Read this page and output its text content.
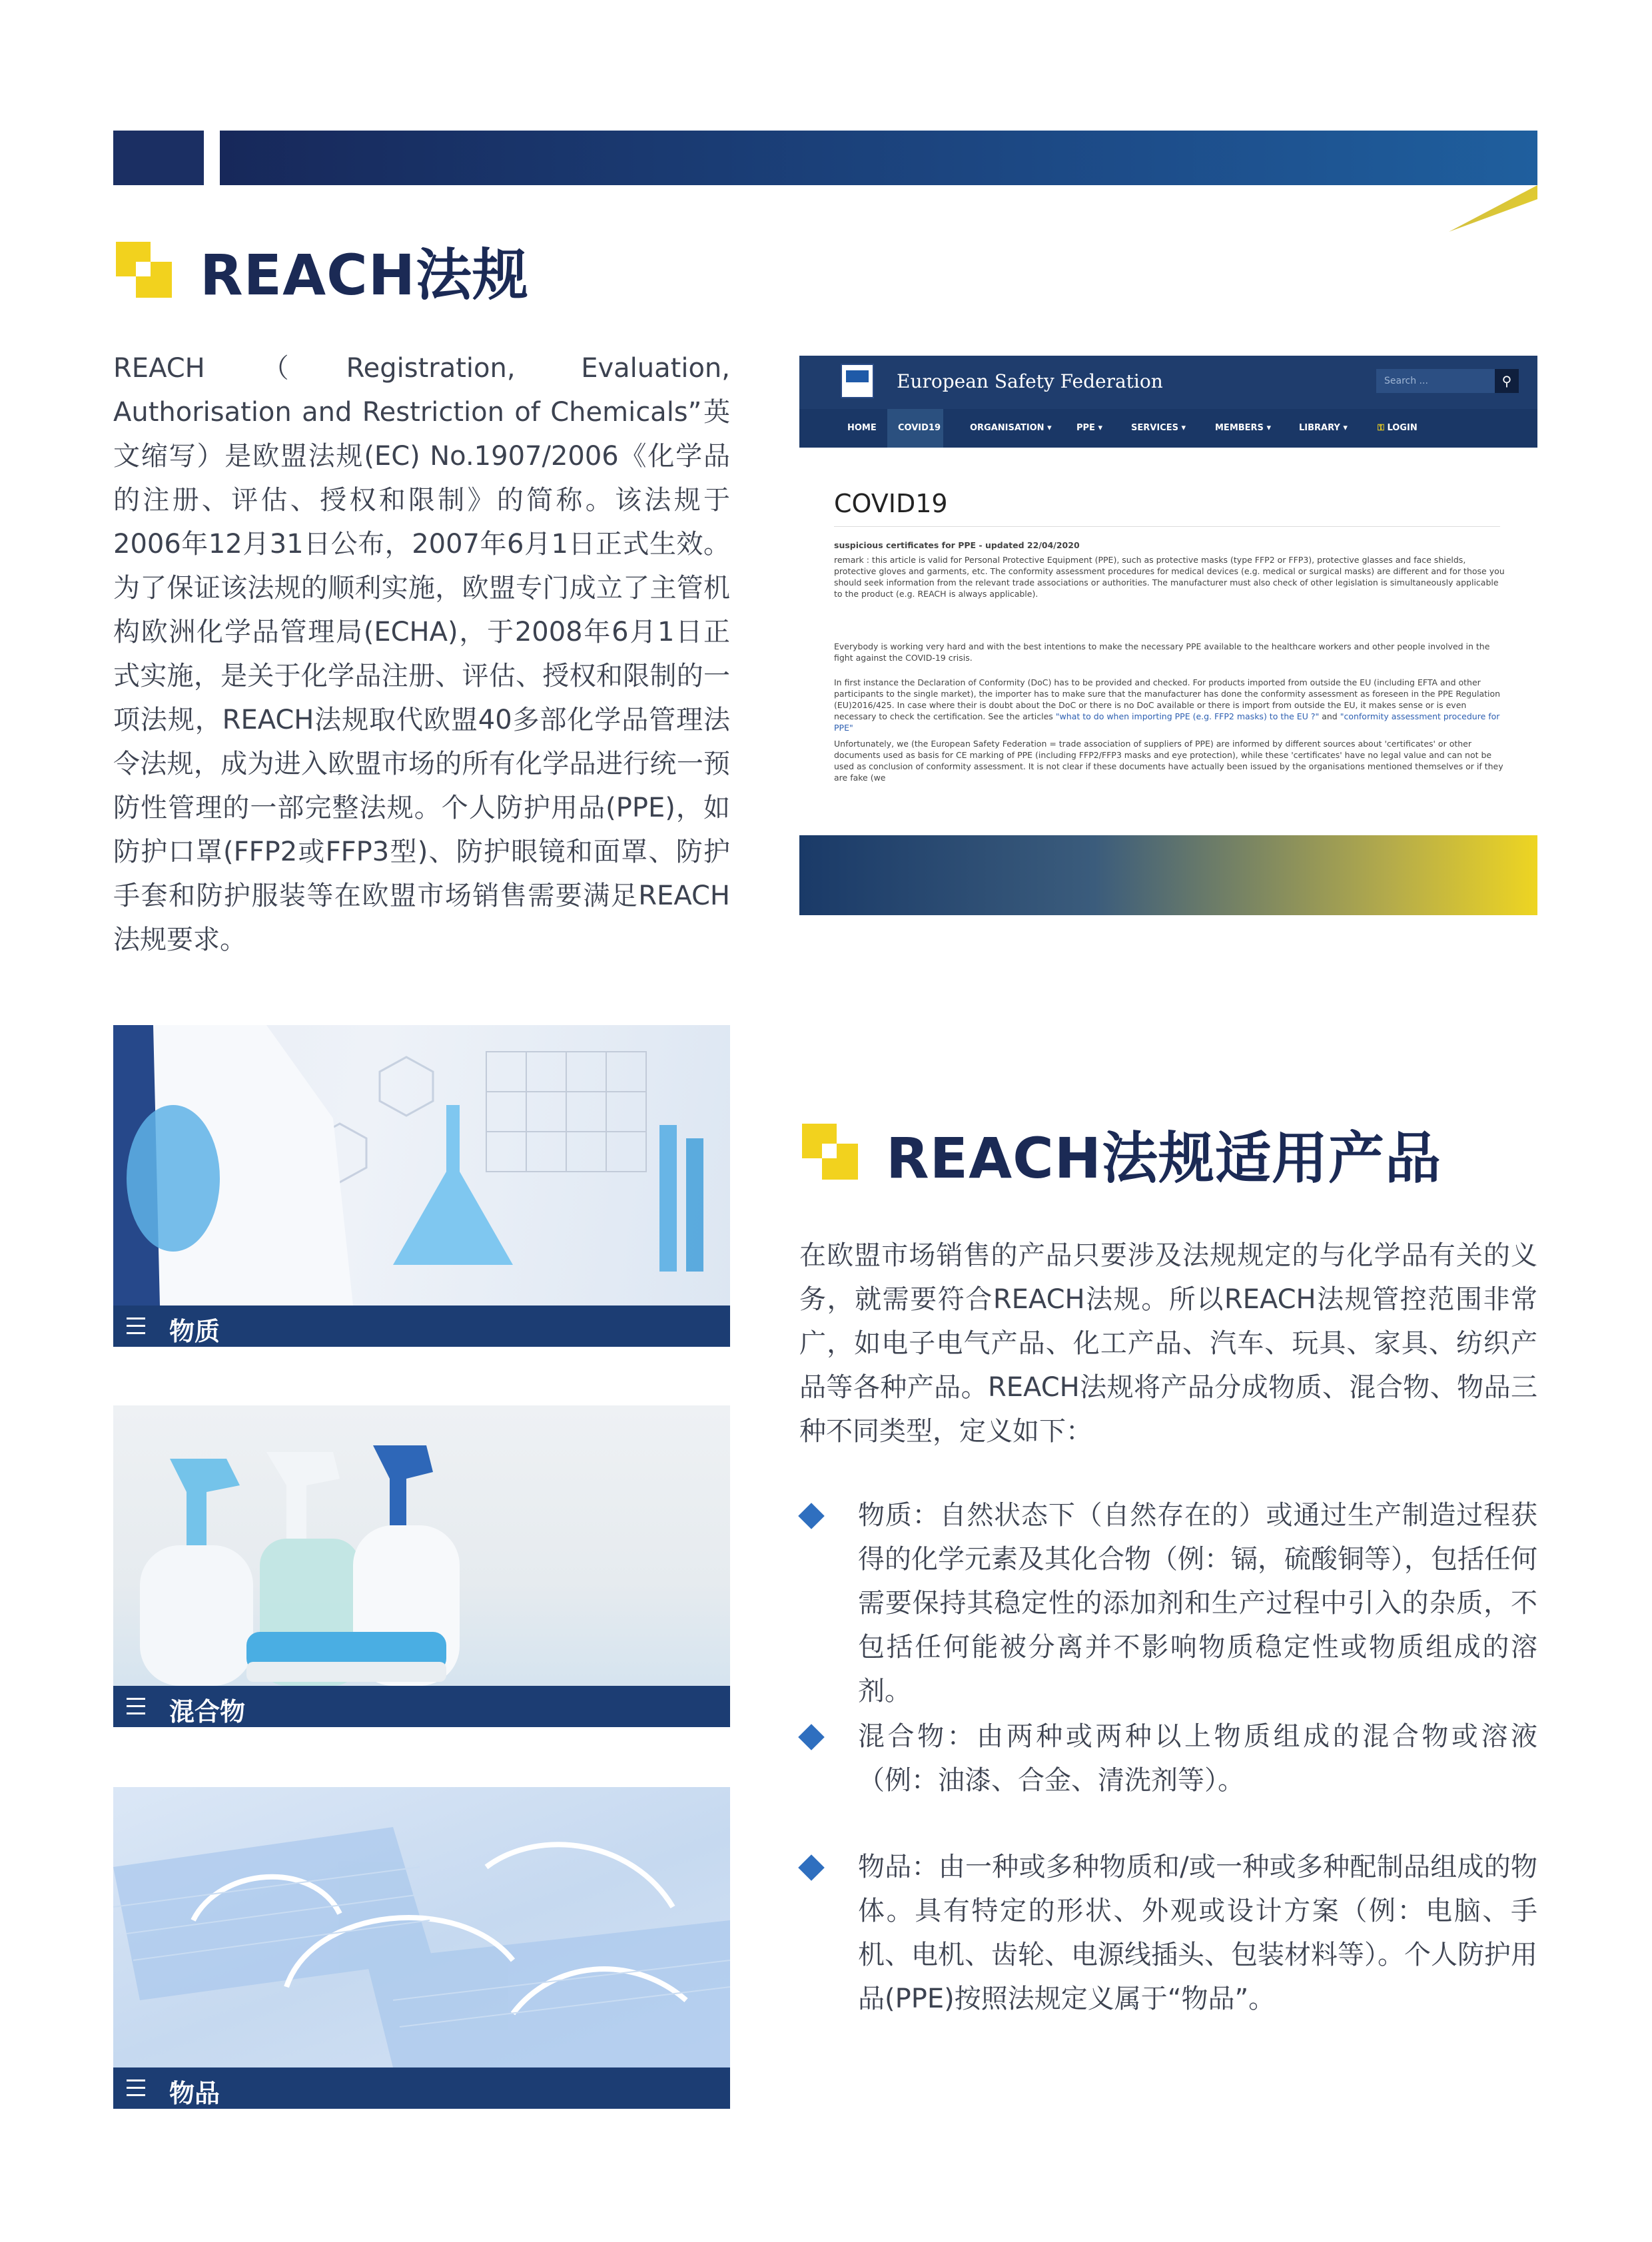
REACH法规
REACH（Registration, Evaluation, Authorisation and Restriction of Chemicals”英文缩写）是欧盟法规(EC) No.1907/2006《化学品的注册、评估、授权和限制》的简称。该法规于2006年12月31日公布，2007年6月1日正式生效。为了保证该法规的顺利实施，欧盟专门成立了主管机构欧洲化学品管理局(ECHA)，于2008年6月1日正式实施，是关于化学品注册、评估、授权和限制的一项法规，REACH法规取代欧盟40多部化学品管理法令法规，成为进入欧盟市场的所有化学品进行统一预防性管理的一部完整法规。个人防护用品(PPE)，如防护口罩(FFP2或FFP3型)、防护眼镜和面罩、防护手套和防护服装等在欧盟市场销售需要满足REACH法规要求。
European Safety Federation	Search ...	⚲
HOME COVID19	ORGANISATION ▾	PPE ▾	SERVICES ▾	MEMBERS ▾	LIBRARY ▾	⚿ LOGIN
COVID19
suspicious certificates for PPE - updated 22/04/2020
remark : this article is valid for Personal Protective Equipment (PPE), such as protective masks (type FFP2 or FFP3), protective glasses and face shields, protective gloves and garments, etc. The conformity assessment procedures for medical devices (e.g. medical or surgical masks) are different and for those you should seek information from the relevant trade associations or authorities. The manufacturer must also check of other legislation is simultaneously applicable to the product (e.g. REACH is always applicable).
Everybody is working very hard and with the best intentions to make the necessary PPE available to the healthcare workers and other people involved in the fight against the COVID-19 crisis.
In first instance the Declaration of Conformity (DoC) has to be provided and checked. For products imported from outside the EU (including EFTA and other participants to the single market), the importer has to make sure that the manufacturer has done the conformity assessment as foreseen in the PPE Regulation (EU)2016/425. In case where their is doubt about the DoC or there is no DoC available or there is import from outside the EU, it makes sense or is even necessary to check the certification. See the articles "what to do when importing PPE (e.g. FFP2 masks) to the EU ?" and "conformity assessment procedure for PPE"
Unfortunately, we (the European Safety Federation = trade association of suppliers of PPE) are informed by different sources about 'certificates' or other documents used as basis for CE marking of PPE (including FFP2/FFP3 masks and eye protection), while these 'certificates' have no legal value and can not be used as conclusion of conformity assessment. It is not clear if these documents have actually been issued by the organisations mentioned themselves or if they are fake (we
物质
混合物
物品
REACH法规适用产品
在欧盟市场销售的产品只要涉及法规规定的与化学品有关的义务，就需要符合REACH法规。所以REACH法规管控范围非常广，如电子电气产品、化工产品、汽车、玩具、家具、纺织产品等各种产品。REACH法规将产品分成物质、混合物、物品三种不同类型，定义如下：
物质：自然状态下（自然存在的）或通过生产制造过程获得的化学元素及其化合物（例：镉，硫酸铜等），包括任何需要保持其稳定性的添加剂和生产过程中引入的杂质，不包括任何能被分离并不影响物质稳定性或物质组成的溶剂。
混合物：由两种或两种以上物质组成的混合物或溶液（例：油漆、合金、清洗剂等）。
物品：由一种或多种物质和/或一种或多种配制品组成的物体。具有特定的形状、外观或设计方案（例：电脑、手机、电机、齿轮、电源线插头、包装材料等）。个人防护用品(PPE)按照法规定义属于“物品”。
